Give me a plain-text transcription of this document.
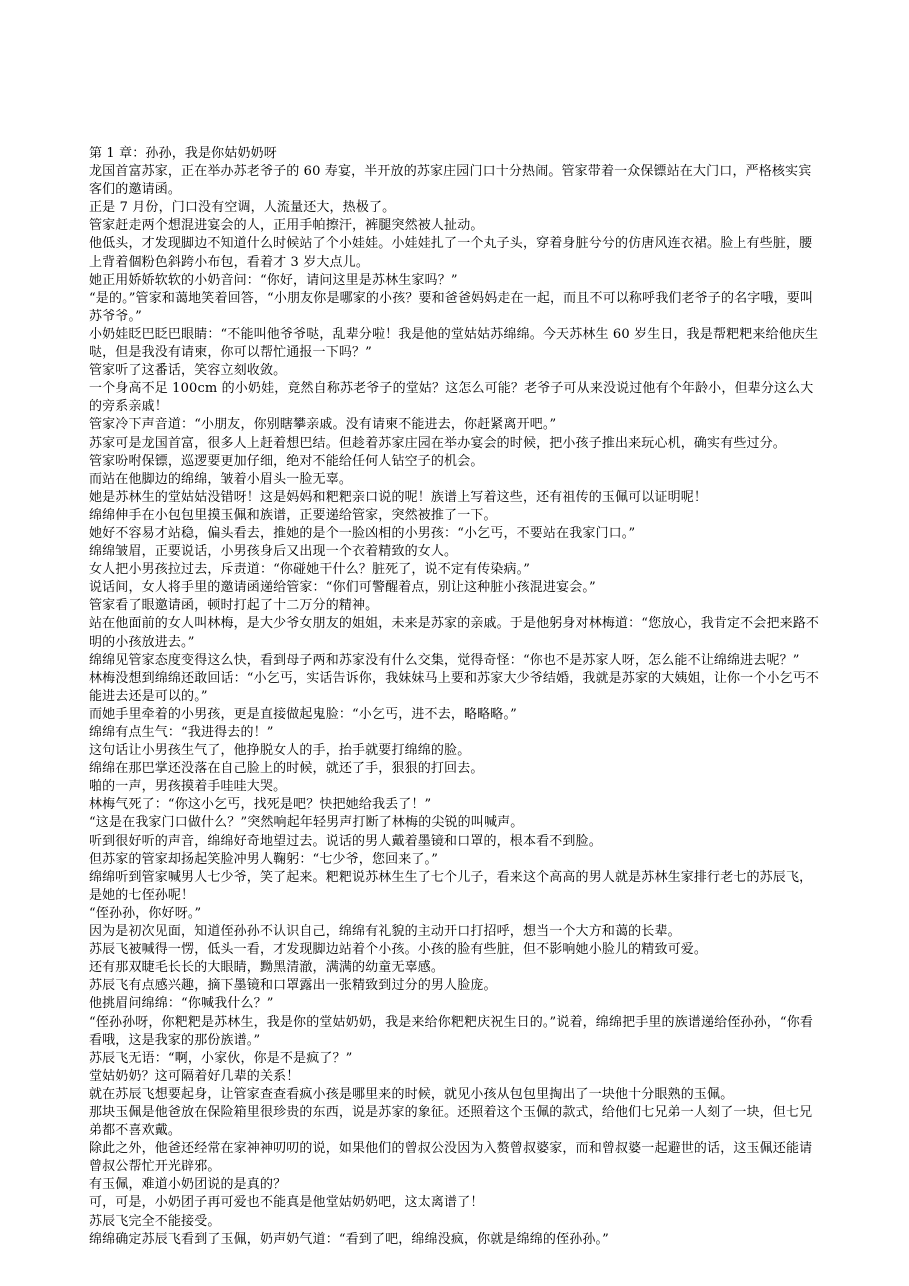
第 1 章：孙孙，我是你姑奶奶呀

龙国首富苏家，正在举办苏老爷子的 60 寿宴，半开放的苏家庄园门口十分热闹。管家带着一众保镖站在大门口，严格核实宾客们的邀请函。

正是 7 月份，门口没有空调，人流量还大，热极了。

管家赶走两个想混进宴会的人，正用手帕擦汗，裤腿突然被人扯动。

他低头，才发现脚边不知道什么时候站了个小娃娃。小娃娃扎了一个丸子头，穿着身脏兮兮的仿唐风连衣裙。脸上有些脏，腰上背着個粉色斜跨小布包，看着才 3 岁大点儿。

她正用娇娇软软的小奶音问：“你好，请问这里是苏林生家吗？”

“是的。”管家和蔼地笑着回答，“小朋友你是哪家的小孩？要和爸爸妈妈走在一起，而且不可以称呼我们老爷子的名字哦，要叫苏爷爷。”

小奶娃眨巴眨巴眼睛：“不能叫他爷爷哒，乱辈分啦！我是他的堂姑姑苏绵绵。今天苏林生 60 岁生日，我是帮粑粑来给他庆生哒，但是我没有请柬，你可以帮忙通报一下吗？”

管家听了这番话，笑容立刻收敛。

一个身高不足 100cm 的小奶娃，竟然自称苏老爷子的堂姑？这怎么可能？老爷子可从来没说过他有个年龄小，但辈分这么大的旁系亲戚！

管家冷下声音道：“小朋友，你别瞎攀亲戚。没有请柬不能进去，你赶紧离开吧。”

苏家可是龙国首富，很多人上赶着想巴结。但趁着苏家庄园在举办宴会的时候，把小孩子推出来玩心机，确实有些过分。

管家吩咐保镖，巡逻要更加仔细，绝对不能给任何人钻空子的机会。

而站在他脚边的绵绵，皱着小眉头一脸无辜。

她是苏林生的堂姑姑没错呀！这是妈妈和粑粑亲口说的呢！族谱上写着这些，还有祖传的玉佩可以证明呢！

绵绵伸手在小包包里摸玉佩和族谱，正要递给管家，突然被推了一下。

她好不容易才站稳，偏头看去，推她的是个一脸凶相的小男孩：“小乞丐，不要站在我家门口。”

绵绵皱眉，正要说话，小男孩身后又出现一个衣着精致的女人。

女人把小男孩拉过去，斥责道：“你碰她干什么？脏死了，说不定有传染病。”

说话间，女人将手里的邀请函递给管家：“你们可警醒着点，别让这种脏小孩混进宴会。”

管家看了眼邀请函，顿时打起了十二万分的精神。

站在他面前的女人叫林梅，是大少爷女朋友的姐姐，未来是苏家的亲戚。于是他躬身对林梅道：“您放心，我肯定不会把来路不明的小孩放进去。”

绵绵见管家态度变得这么快，看到母子两和苏家没有什么交集，觉得奇怪：“你也不是苏家人呀，怎么能不让绵绵进去呢？”

林梅没想到绵绵还敢回话：“小乞丐，实话告诉你，我妹妹马上要和苏家大少爷结婚，我就是苏家的大姨姐，让你一个小乞丐不能进去还是可以的。”

而她手里牵着的小男孩，更是直接做起鬼脸：“小乞丐，进不去，略略略。”

绵绵有点生气：“我进得去的！”

这句话让小男孩生气了，他挣脱女人的手，抬手就要打绵绵的脸。

绵绵在那巴掌还没落在自己脸上的时候，就还了手，狠狠的打回去。

啪的一声，男孩摸着手哇哇大哭。

林梅气死了：“你这小乞丐，找死是吧？快把她给我丢了！”

“这是在我家门口做什么？”突然响起年轻男声打断了林梅的尖锐的叫喊声。

听到很好听的声音，绵绵好奇地望过去。说话的男人戴着墨镜和口罩的，根本看不到脸。

但苏家的管家却扬起笑脸冲男人鞠躬：“七少爷，您回来了。”

绵绵听到管家喊男人七少爷，笑了起来。粑粑说苏林生生了七个儿子，看来这个高高的男人就是苏林生家排行老七的苏辰飞，是她的七侄孙呢！

“侄孙孙，你好呀。”

因为是初次见面，知道侄孙孙不认识自己，绵绵有礼貌的主动开口打招呼，想当一个大方和蔼的长辈。

苏辰飞被喊得一愣，低头一看，才发现脚边站着个小孩。小孩的脸有些脏，但不影响她小脸儿的精致可爱。

还有那双睫毛长长的大眼睛，黝黑清澈，满满的幼童无辜感。

苏辰飞有点感兴趣，摘下墨镜和口罩露出一张精致到过分的男人脸庞。

他挑眉问绵绵：“你喊我什么？”

“侄孙孙呀，你粑粑是苏林生，我是你的堂姑奶奶，我是来给你粑粑庆祝生日的。”说着，绵绵把手里的族谱递给侄孙孙，“你看看哦，这是我家的那份族谱。”

苏辰飞无语：“啊，小家伙，你是不是疯了？”

堂姑奶奶？这可隔着好几辈的关系！

就在苏辰飞想要起身，让管家查查看疯小孩是哪里来的时候，就见小孩从包包里掏出了一块他十分眼熟的玉佩。

那块玉佩是他爸放在保险箱里很珍贵的东西，说是苏家的象征。还照着这个玉佩的款式，给他们七兄弟一人刻了一块，但七兄弟都不喜欢戴。

除此之外，他爸还经常在家神神叨叨的说，如果他们的曾叔公没因为入赘曾叔婆家，而和曾叔婆一起避世的话，这玉佩还能请曾叔公帮忙开光辟邪。

有玉佩，难道小奶团说的是真的？

可，可是，小奶团子再可爱也不能真是他堂姑奶奶吧，这太离谱了！

苏辰飞完全不能接受。

绵绵确定苏辰飞看到了玉佩，奶声奶气道：“看到了吧，绵绵没疯，你就是绵绵的侄孙孙。”
